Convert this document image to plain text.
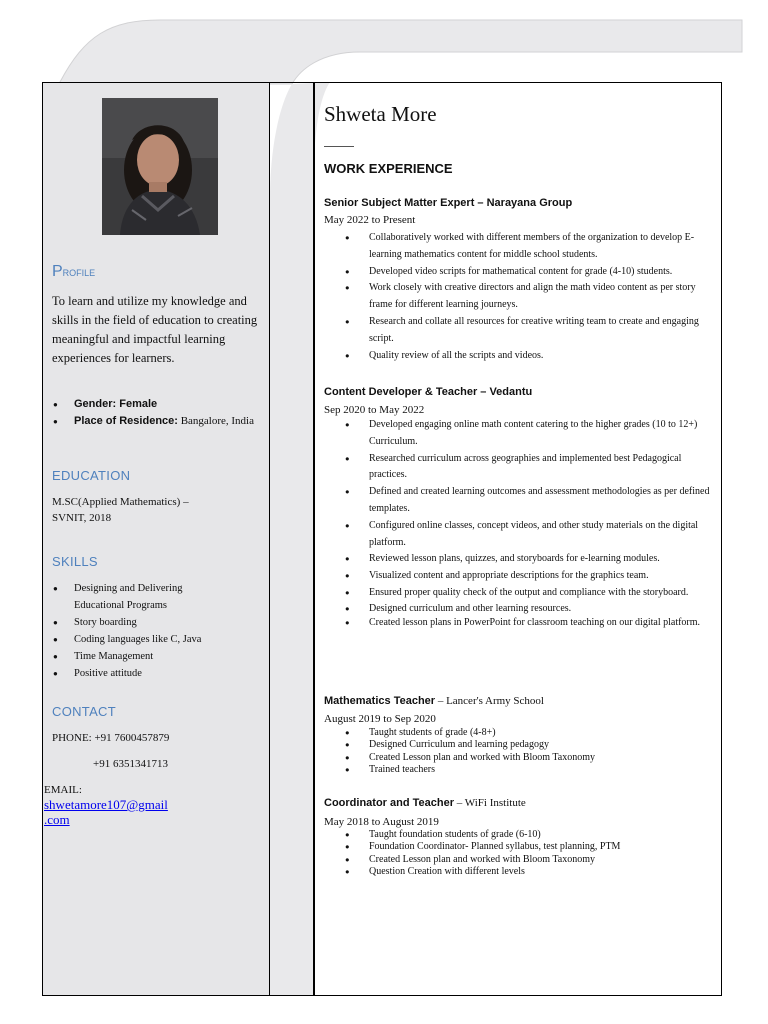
Profile
To learn and utilize my knowledge and skills in the field of education to creating meaningful and impactful learning experiences for learners.
● Gender: Female
● Place of Residence: Bangalore, India
EDUCATION
M.SC(Applied Mathematics) –
SVNIT, 2018
SKILLS
● Designing and Delivering Educational Programs
● Story boarding
● Coding languages like C, Java
● Time Management
● Positive attitude
CONTACT
PHONE: +91 7600457879
+91 6351341713
EMAIL:
shwetamore107@gmail
.com
Shweta More
WORK EXPERIENCE
Senior Subject Matter Expert – Narayana Group
May 2022 to Present
● Collaboratively worked with different members of the organization to develop E-learning mathematics content for middle school students.
● Developed video scripts for mathematical content for grade (4-10) students.
● Work closely with creative directors and align the math video content as per story frame for different learning journeys.
● Research and collate all resources for creative writing team to create and engaging script.
● Quality review of all the scripts and videos.
Content Developer & Teacher – Vedantu
Sep 2020 to May 2022
● Developed engaging online math content catering to the higher grades (10 to 12+) Curriculum.
● Researched curriculum across geographies and implemented best Pedagogical practices.
● Defined and created learning outcomes and assessment methodologies as per defined templates.
● Configured online classes, concept videos, and other study materials on the digital platform.
● Reviewed lesson plans, quizzes, and storyboards for e-learning modules.
● Visualized content and appropriate descriptions for the graphics team.
● Ensured proper quality check of the output and compliance with the storyboard.
● Designed curriculum and other learning resources.
● Created lesson plans in PowerPoint for classroom teaching on our digital platform.
Mathematics Teacher – Lancer's Army School
August 2019 to Sep 2020
● Taught students of grade (4-8+)
● Designed Curriculum and learning pedagogy
● Created Lesson plan and worked with Bloom Taxonomy
● Trained teachers
Coordinator and Teacher – WiFi Institute
May 2018 to August 2019
● Taught foundation students of grade (6-10)
● Foundation Coordinator- Planned syllabus, test planning, PTM
● Created Lesson plan and worked with Bloom Taxonomy
● Question Creation with different levels
